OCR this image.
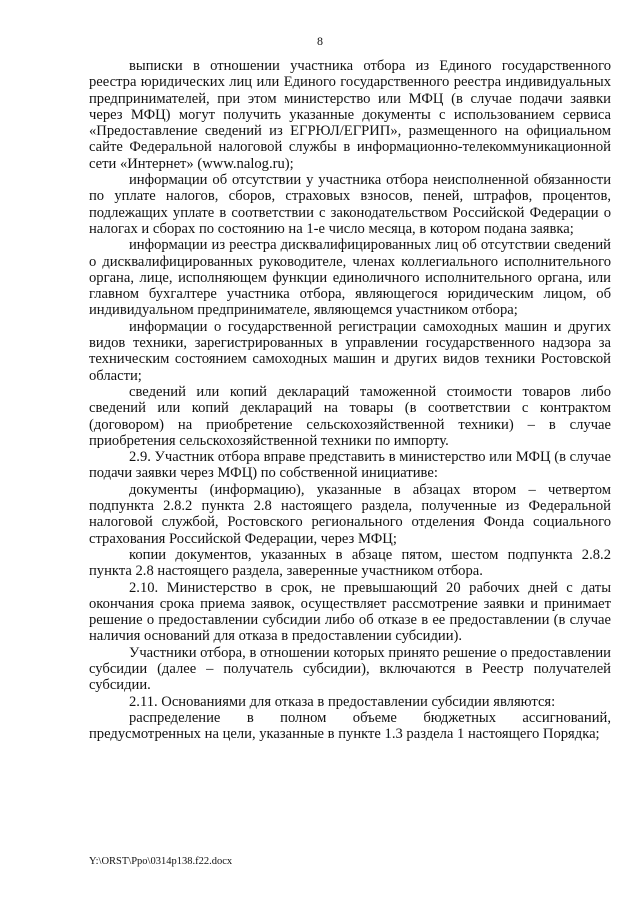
8

выписки в отношении участника отбора из Единого государственного реестра юридических лиц или Единого государственного реестра индивидуальных предпринимателей, при этом министерство или МФЦ (в случае подачи заявки через МФЦ) могут получить указанные документы с использованием сервиса «Предоставление сведений из ЕГРЮЛ/ЕГРИП», размещенного на официальном сайте Федеральной налоговой службы в информационно-телекоммуникационной сети «Интернет» (www.nalog.ru);

информации об отсутствии у участника отбора неисполненной обязанности по уплате налогов, сборов, страховых взносов, пеней, штрафов, процентов, подлежащих уплате в соответствии с законодательством Российской Федерации о налогах и сборах по состоянию на 1-е число месяца, в котором подана заявка;

информации из реестра дисквалифицированных лиц об отсутствии сведений о дисквалифицированных руководителе, членах коллегиального исполнительного органа, лице, исполняющем функции единоличного исполнительного органа, или главном бухгалтере участника отбора, являющегося юридическим лицом, об индивидуальном предпринимателе, являющемся участником отбора;

информации о государственной регистрации самоходных машин и других видов техники, зарегистрированных в управлении государственного надзора за техническим состоянием самоходных машин и других видов техники Ростовской области;

сведений или копий деклараций таможенной стоимости товаров либо сведений или копий деклараций на товары (в соответствии с контрактом (договором) на приобретение сельскохозяйственной техники) – в случае приобретения сельскохозяйственной техники по импорту.

2.9. Участник отбора вправе представить в министерство или МФЦ (в случае подачи заявки через МФЦ) по собственной инициативе:

документы (информацию), указанные в абзацах втором – четвертом подпункта 2.8.2 пункта 2.8 настоящего раздела, полученные из Федеральной налоговой службой, Ростовского регионального отделения Фонда социального страхования Российской Федерации, через МФЦ;

копии документов, указанных в абзаце пятом, шестом подпункта 2.8.2 пункта 2.8 настоящего раздела, заверенные участником отбора.

2.10. Министерство в срок, не превышающий 20 рабочих дней с даты окончания срока приема заявок, осуществляет рассмотрение заявки и принимает решение о предоставлении субсидии либо об отказе в ее предоставлении (в случае наличия оснований для отказа в предоставлении субсидии).

Участники отбора, в отношении которых принято решение о предоставлении субсидии (далее – получатель субсидии), включаются в Реестр получателей субсидии.

2.11. Основаниями для отказа в предоставлении субсидии являются:

распределение в полном объеме бюджетных ассигнований, предусмотренных на цели, указанные в пункте 1.3 раздела 1 настоящего Порядка;

Y:\ORST\Ppo\0314p138.f22.docx
